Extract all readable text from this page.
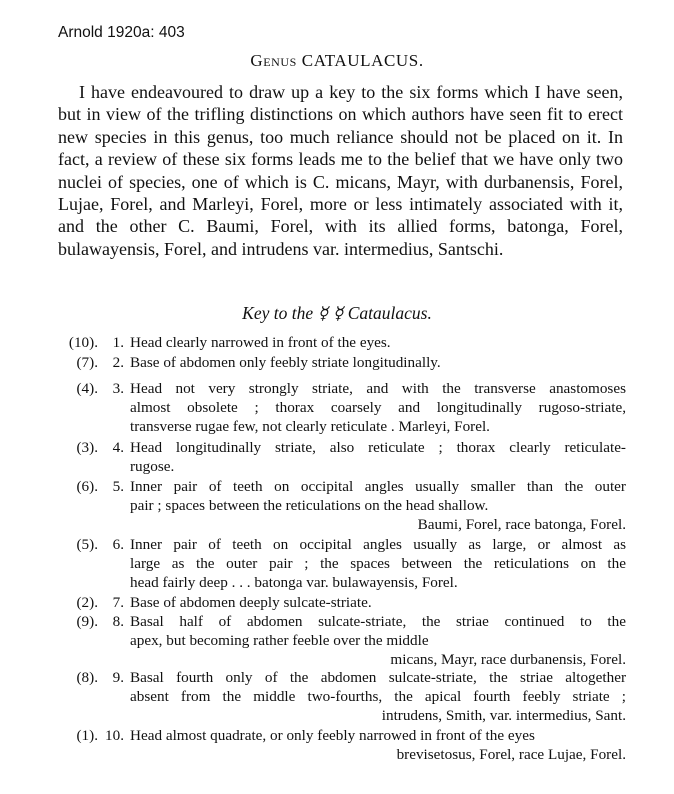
Arnold 1920a: 403
Genus CATAULACUS.

I have endeavoured to draw up a key to the six forms which I have seen, but in view of the trifling distinctions on which authors have seen fit to erect new species in this genus, too much reliance should not be placed on it. In fact, a review of these six forms leads me to the belief that we have only two nuclei of species, one of which is C. micans, Mayr, with durbanensis, Forel, Lujae, Forel, and Marleyi, Forel, more or less intimately associated with it, and the other C. Baumi, Forel, with its allied forms, batonga, Forel, bulawayensis, Forel, and intrudens var. intermedius, Santschi.

Key to the ☿ ☿ Cataulacus.
(10). 1. Head clearly narrowed in front of the eyes.
(7). 2. Base of abdomen only feebly striate longitudinally.
(4). 3. Head not very strongly striate, and with the transverse anastomoses
almost obsolete ; thorax coarsely and longitudinally rugoso-striate,
transverse rugae few, not clearly reticulate . Marleyi, Forel.
(3). 4. Head longitudinally striate, also reticulate ; thorax clearly reticulate-
rugose.
(6). 5. Inner pair of teeth on occipital angles usually smaller than the outer
pair ; spaces between the reticulations on the head shallow.
Baumi, Forel, race batonga, Forel.
(5). 6. Inner pair of teeth on occipital angles usually as large, or almost as
large as the outer pair ; the spaces between the reticulations on the
head fairly deep . . . batonga var. bulawayensis, Forel.
(2). 7. Base of abdomen deeply sulcate-striate.
(9). 8. Basal half of abdomen sulcate-striate, the striae continued to the
apex, but becoming rather feeble over the middle
micans, Mayr, race durbanensis, Forel.
(8). 9. Basal fourth only of the abdomen sulcate-striate, the striae altogether
absent from the middle two-fourths, the apical fourth feebly striate ;
intrudens, Smith, var. intermedius, Sant.
(1). 10. Head almost quadrate, or only feebly narrowed in front of the eyes
brevisetosus, Forel, race Lujae, Forel.
